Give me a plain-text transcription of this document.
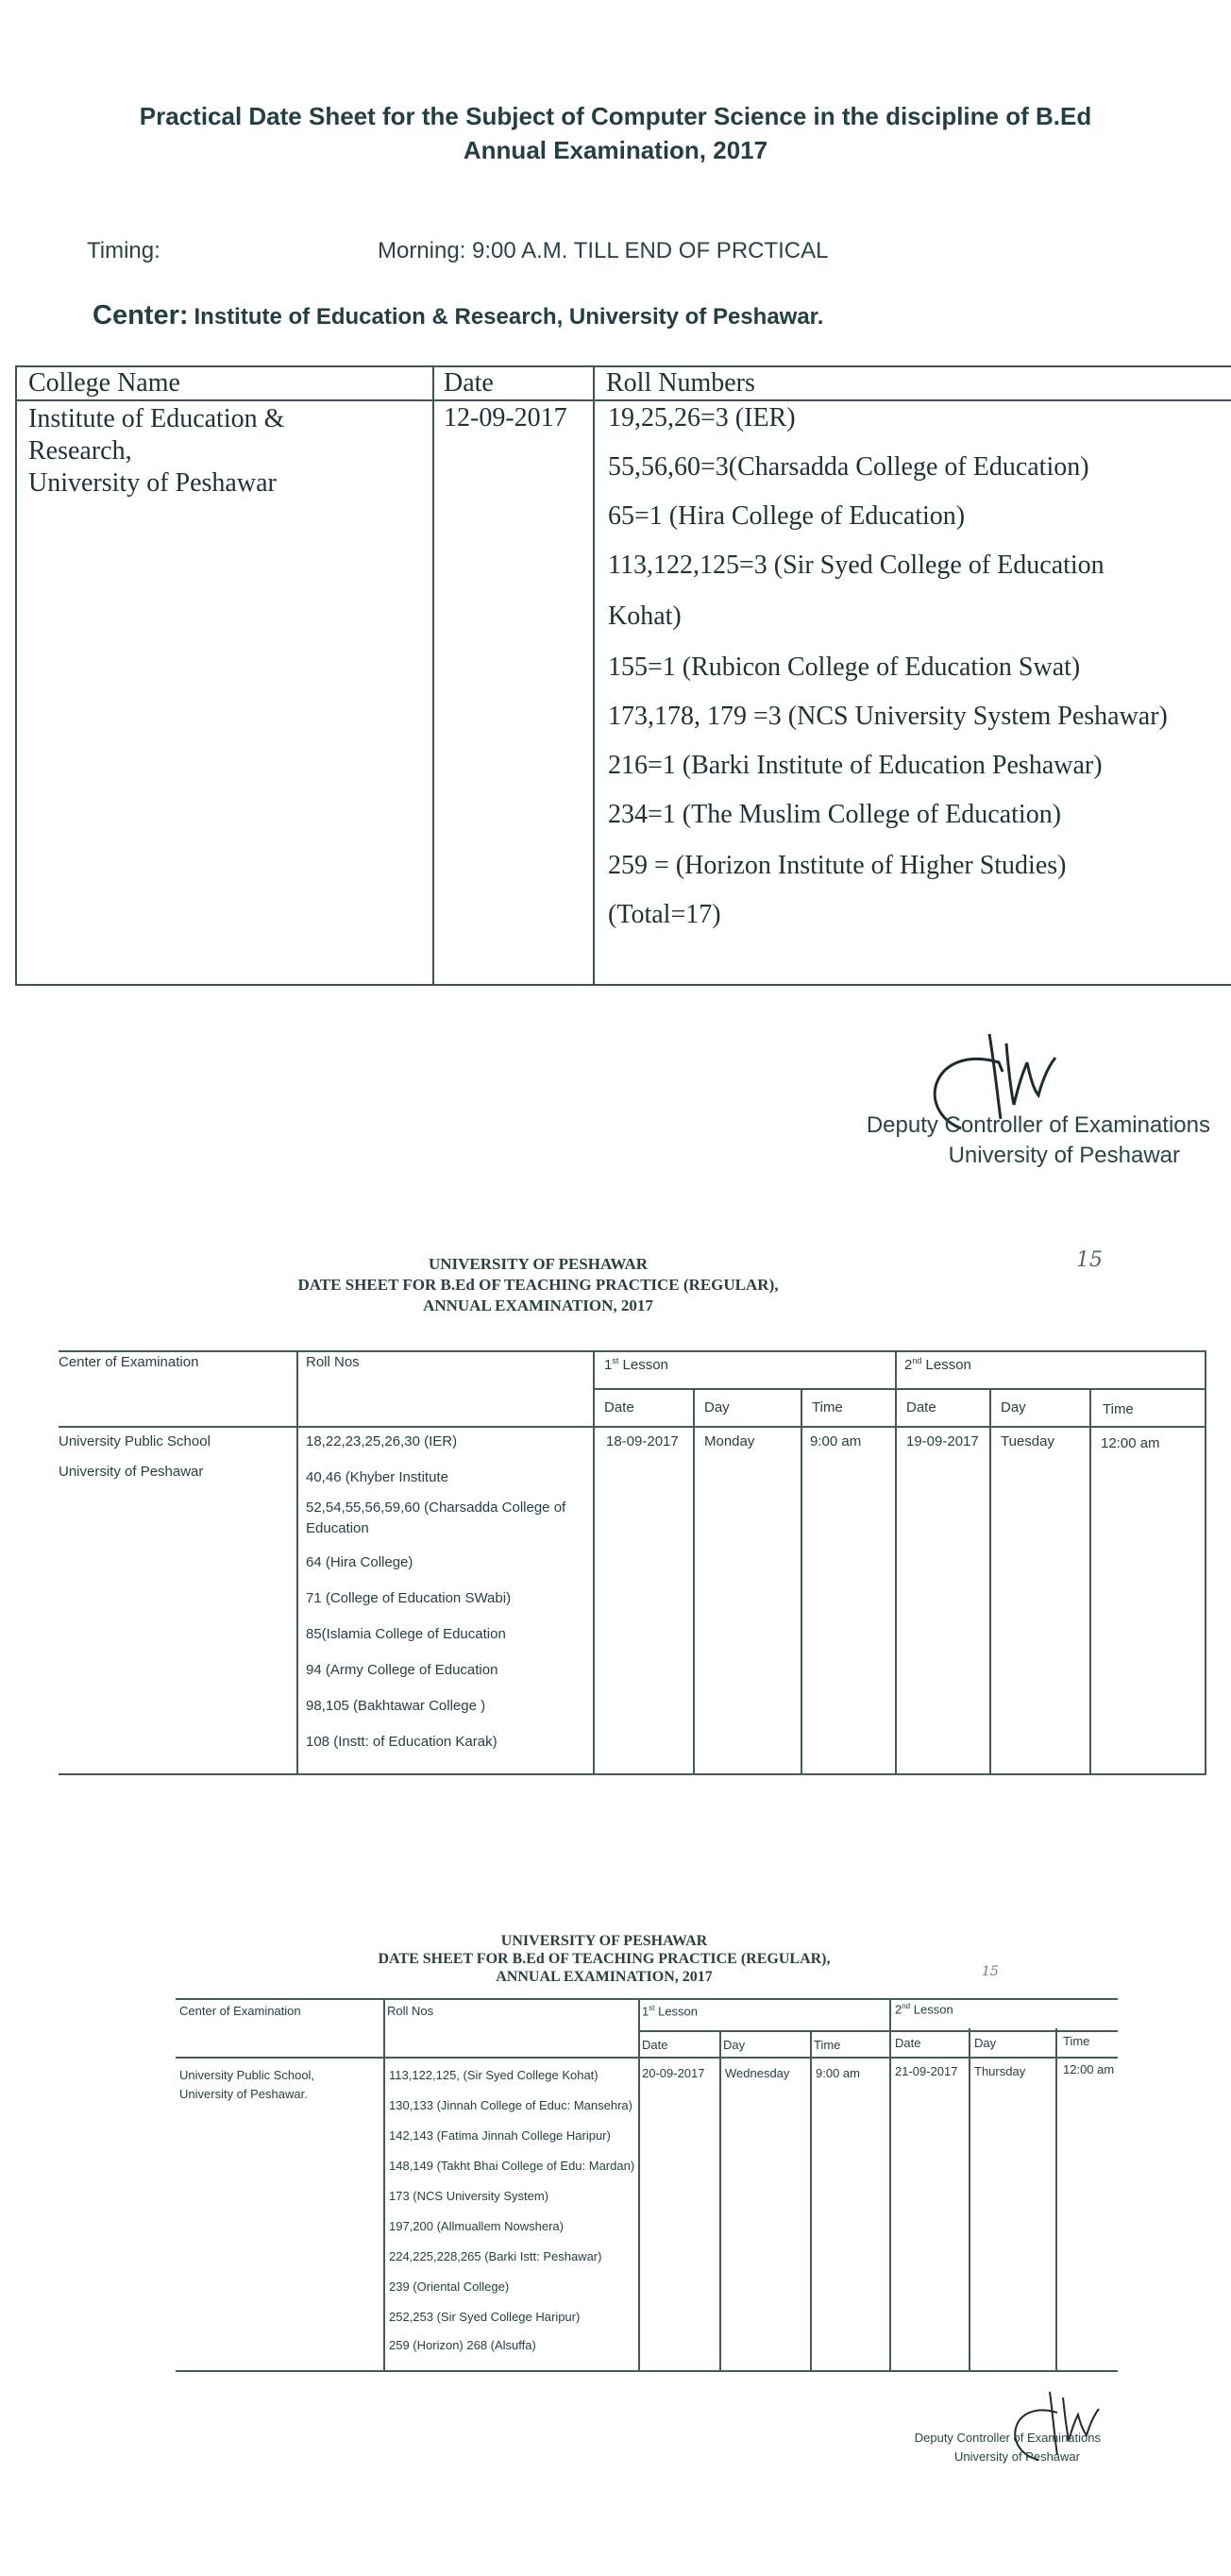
Practical Date Sheet for the Subject of Computer Science in the discipline of B.Ed
Annual Examination, 2017
Timing:	Morning: 9:00 A.M. TILL END OF PRCTICAL
Center: Institute of Education & Research, University of Peshawar.
College Name	Date	Roll Numbers
Institute of Education &
Research,
University of Peshawar
12-09-2017 19,25,26=3 (IER)
55,56,60=3(Charsadda College of Education)
65=1 (Hira College of Education)
113,122,125=3 (Sir Syed College of Education
Kohat)
155=1 (Rubicon College of Education Swat)
173,178, 179 =3 (NCS University System Peshawar)
216=1 (Barki Institute of Education Peshawar)
234=1 (The Muslim College of Education)
259 = (Horizon Institute of Higher Studies)
(Total=17)
Deputy Controller of Examinations
University of Peshawar
UNIVERSITY OF PESHAWAR
DATE SHEET FOR B.Ed OF TEACHING PRACTICE (REGULAR),
ANNUAL EXAMINATION, 2017
15
Center of Examination	Roll Nos	1st Lesson	2nd Lesson
Date	Day	Time	Date	Day	Time
University Public School
University of Peshawar
18,22,23,25,26,30 (IER)
40,46 (Khyber Institute
52,54,55,56,59,60 (Charsadda College of
Education
64 (Hira College)
71 (College of Education SWabi)
85(Islamia College of Education
94 (Army College of Education
98,105 (Bakhtawar College )
108 (Instt: of Education Karak)
18-09-2017 Monday	9:00 am	19-09-2017 Tuesday	12:00 am
UNIVERSITY OF PESHAWAR
DATE SHEET FOR B.Ed OF TEACHING PRACTICE (REGULAR),
ANNUAL EXAMINATION, 2017	15
Center of Examination	Roll Nos	1st Lesson	2nd Lesson
Date	Day	Time	Date	Day	Time
University Public School,
University of Peshawar.
113,122,125, (Sir Syed College Kohat)
130,133 (Jinnah College of Educ: Mansehra)
142,143 (Fatima Jinnah College Haripur)
148,149 (Takht Bhai College of Edu: Mardan)
173 (NCS University System)
197,200 (Allmuallem Nowshera)
224,225,228,265 (Barki Istt: Peshawar)
239 (Oriental College)
252,253 (Sir Syed College Haripur)
259 (Horizon) 268 (Alsuffa)
20-09-2017 Wednesday 9:00 am	21-09-2017 Thursday	12:00 am
Deputy Controller of Examinations
University of Peshawar
